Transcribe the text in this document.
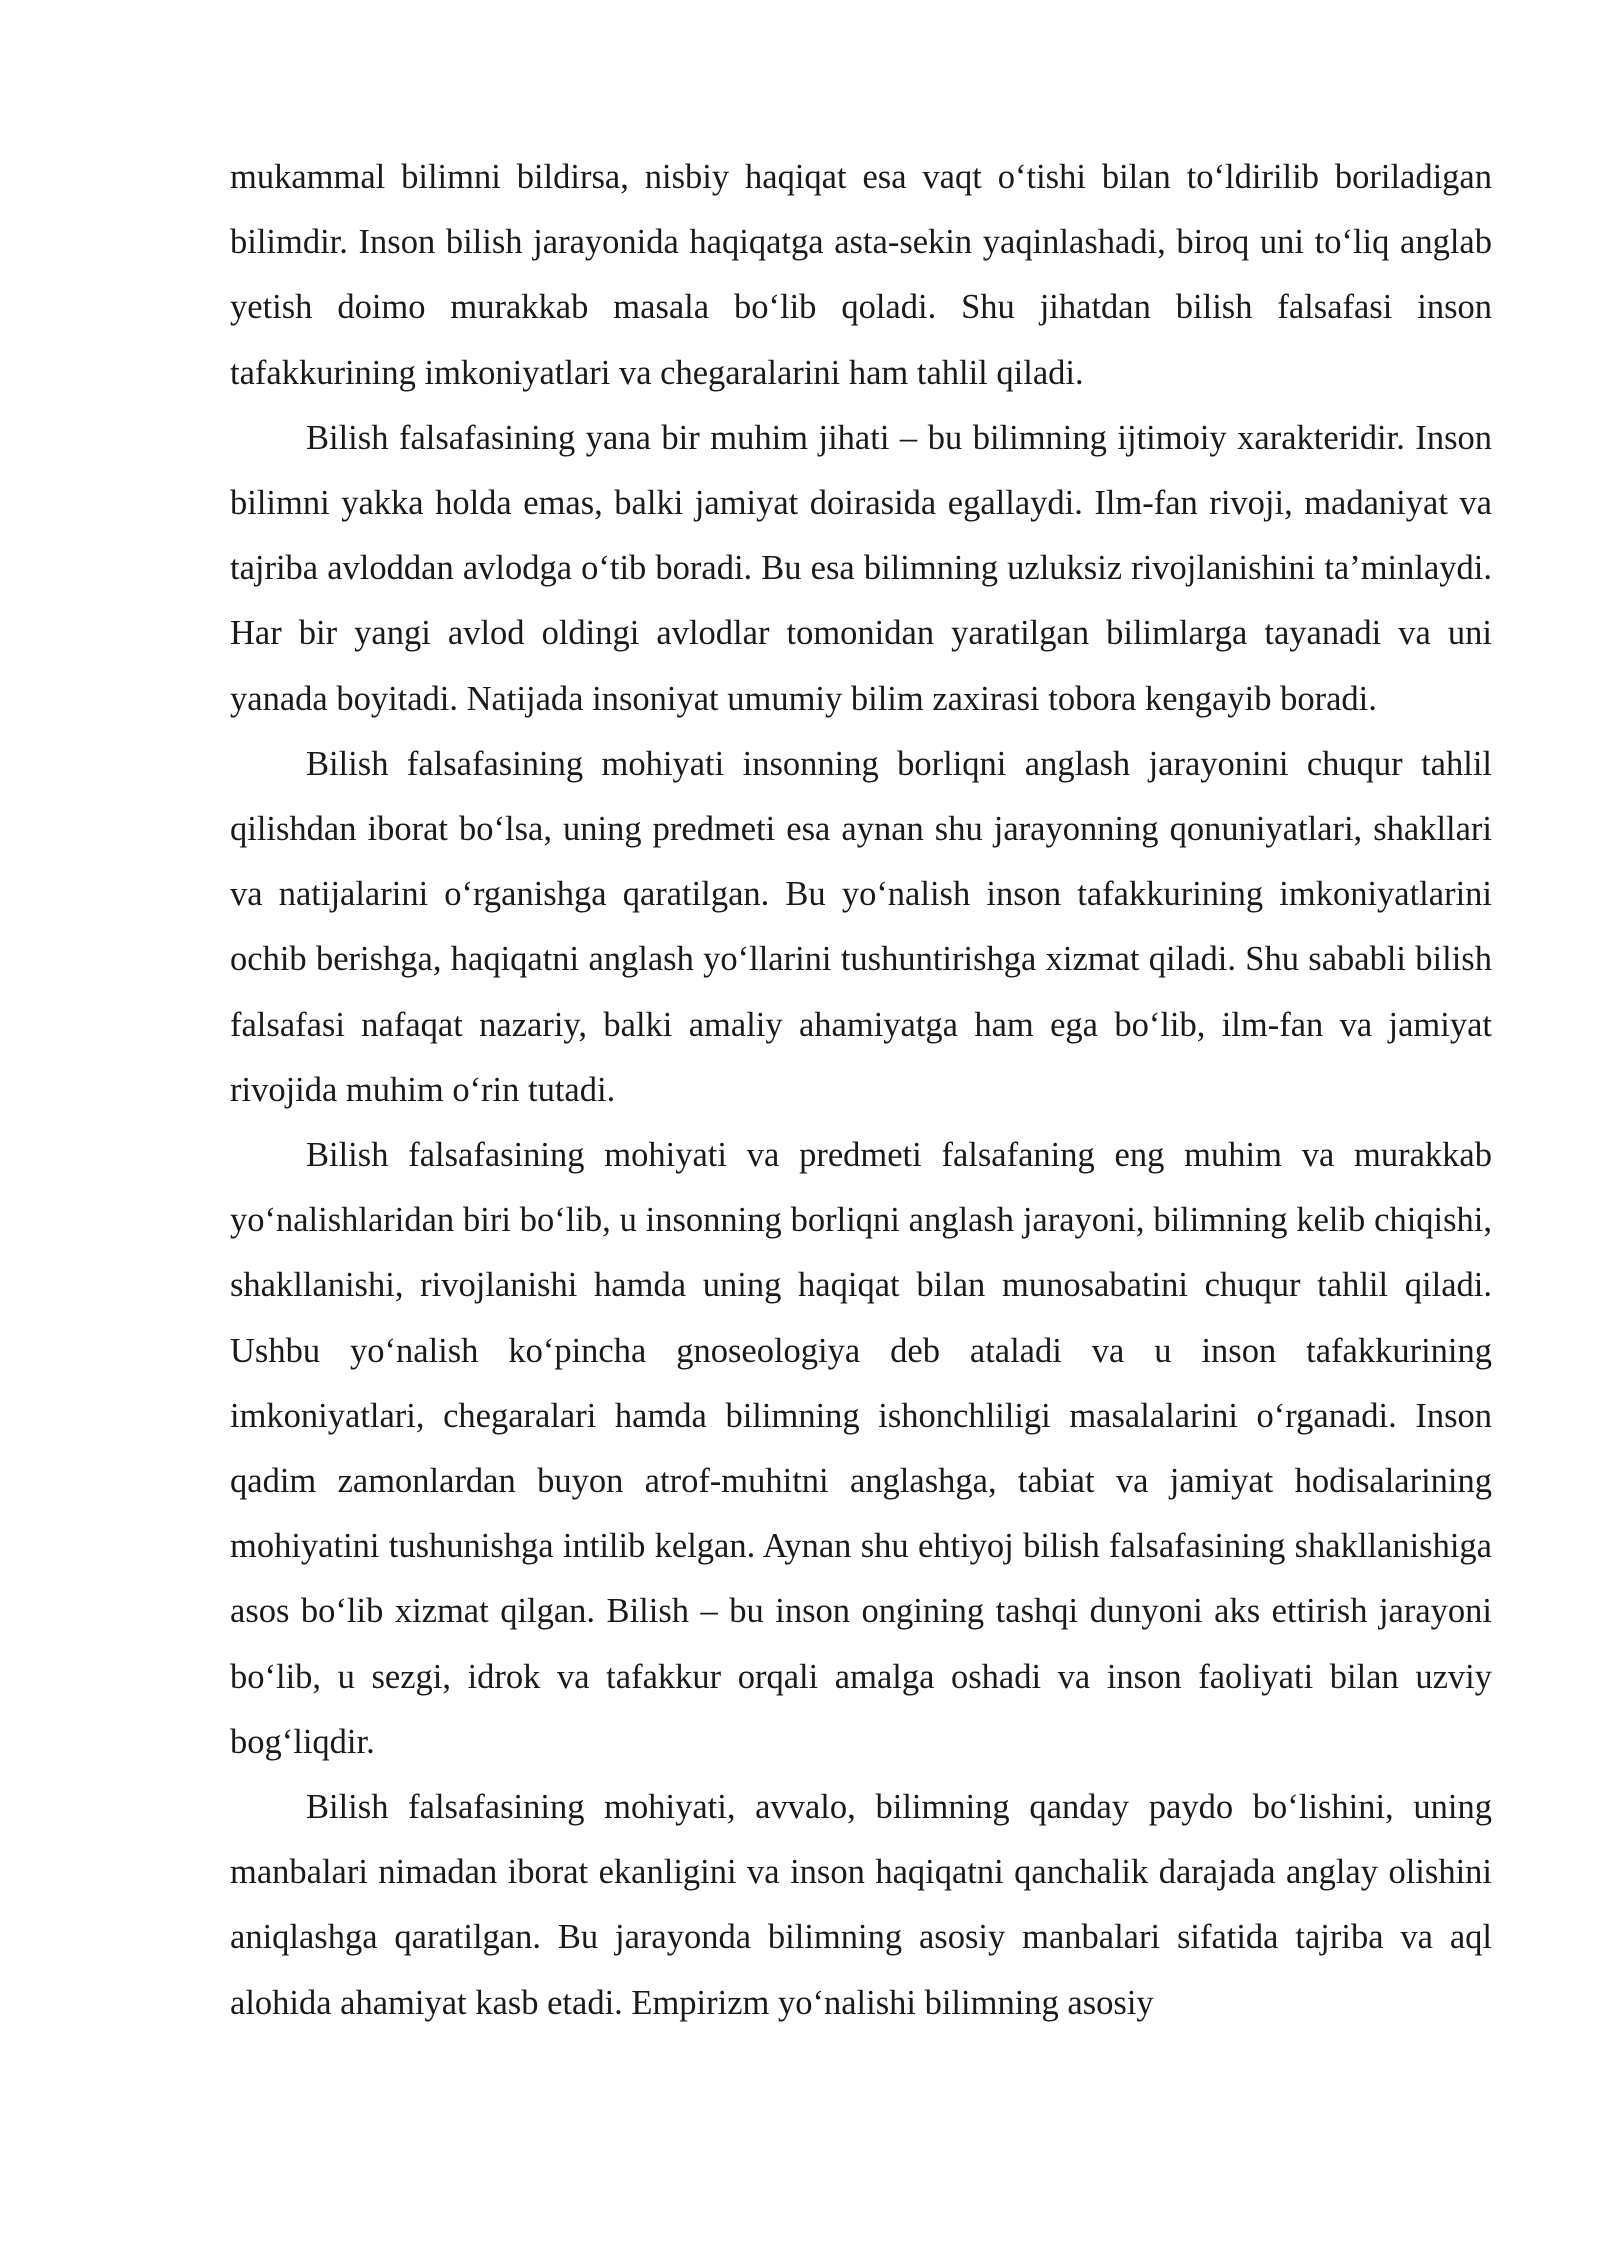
mukammal bilimni bildirsa, nisbiy haqiqat esa vaqt o‘tishi bilan to‘ldirilib boriladigan bilimdir. Inson bilish jarayonida haqiqatga asta-sekin yaqinlashadi, biroq uni to‘liq anglab yetish doimo murakkab masala bo‘lib qoladi. Shu jihatdan bilish falsafasi inson tafakkurining imkoniyatlari va chegaralarini ham tahlil qiladi.

Bilish falsafasining yana bir muhim jihati – bu bilimning ijtimoiy xarakteridir. Inson bilimni yakka holda emas, balki jamiyat doirasida egallaydi. Ilm-fan rivoji, madaniyat va tajriba avloddan avlodga o‘tib boradi. Bu esa bilimning uzluksiz rivojlanishini ta’minlaydi. Har bir yangi avlod oldingi avlodlar tomonidan yaratilgan bilimlarga tayanadi va uni yanada boyitadi. Natijada insoniyat umumiy bilim zaxirasi tobora kengayib boradi.

Bilish falsafasining mohiyati insonning borliqni anglash jarayonini chuqur tahlil qilishdan iborat bo‘lsa, uning predmeti esa aynan shu jarayonning qonuniyatlari, shakllari va natijalarini o‘rganishga qaratilgan. Bu yo‘nalish inson tafakkurining imkoniyatlarini ochib berishga, haqiqatni anglash yo‘llarini tushuntirishga xizmat qiladi. Shu sababli bilish falsafasi nafaqat nazariy, balki amaliy ahamiyatga ham ega bo‘lib, ilm-fan va jamiyat rivojida muhim o‘rin tutadi.

Bilish falsafasining mohiyati va predmeti falsafaning eng muhim va murakkab yo‘nalishlaridan biri bo‘lib, u insonning borliqni anglash jarayoni, bilimning kelib chiqishi, shakllanishi, rivojlanishi hamda uning haqiqat bilan munosabatini chuqur tahlil qiladi. Ushbu yo‘nalish ko‘pincha gnoseologiya deb ataladi va u inson tafakkurining imkoniyatlari, chegaralari hamda bilimning ishonchliligi masalalarini o‘rganadi. Inson qadim zamonlardan buyon atrof-muhitni anglashga, tabiat va jamiyat hodisalarining mohiyatini tushunishga intilib kelgan. Aynan shu ehtiyoj bilish falsafasining shakllanishiga asos bo‘lib xizmat qilgan. Bilish – bu inson ongining tashqi dunyoni aks ettirish jarayoni bo‘lib, u sezgi, idrok va tafakkur orqali amalga oshadi va inson faoliyati bilan uzviy bog‘liqdir.

Bilish falsafasining mohiyati, avvalo, bilimning qanday paydo bo‘lishini, uning manbalari nimadan iborat ekanligini va inson haqiqatni qanchalik darajada anglay olishini aniqlashga qaratilgan. Bu jarayonda bilimning asosiy manbalari sifatida tajriba va aql alohida ahamiyat kasb etadi. Empirizm yo‘nalishi bilimning asosiy
